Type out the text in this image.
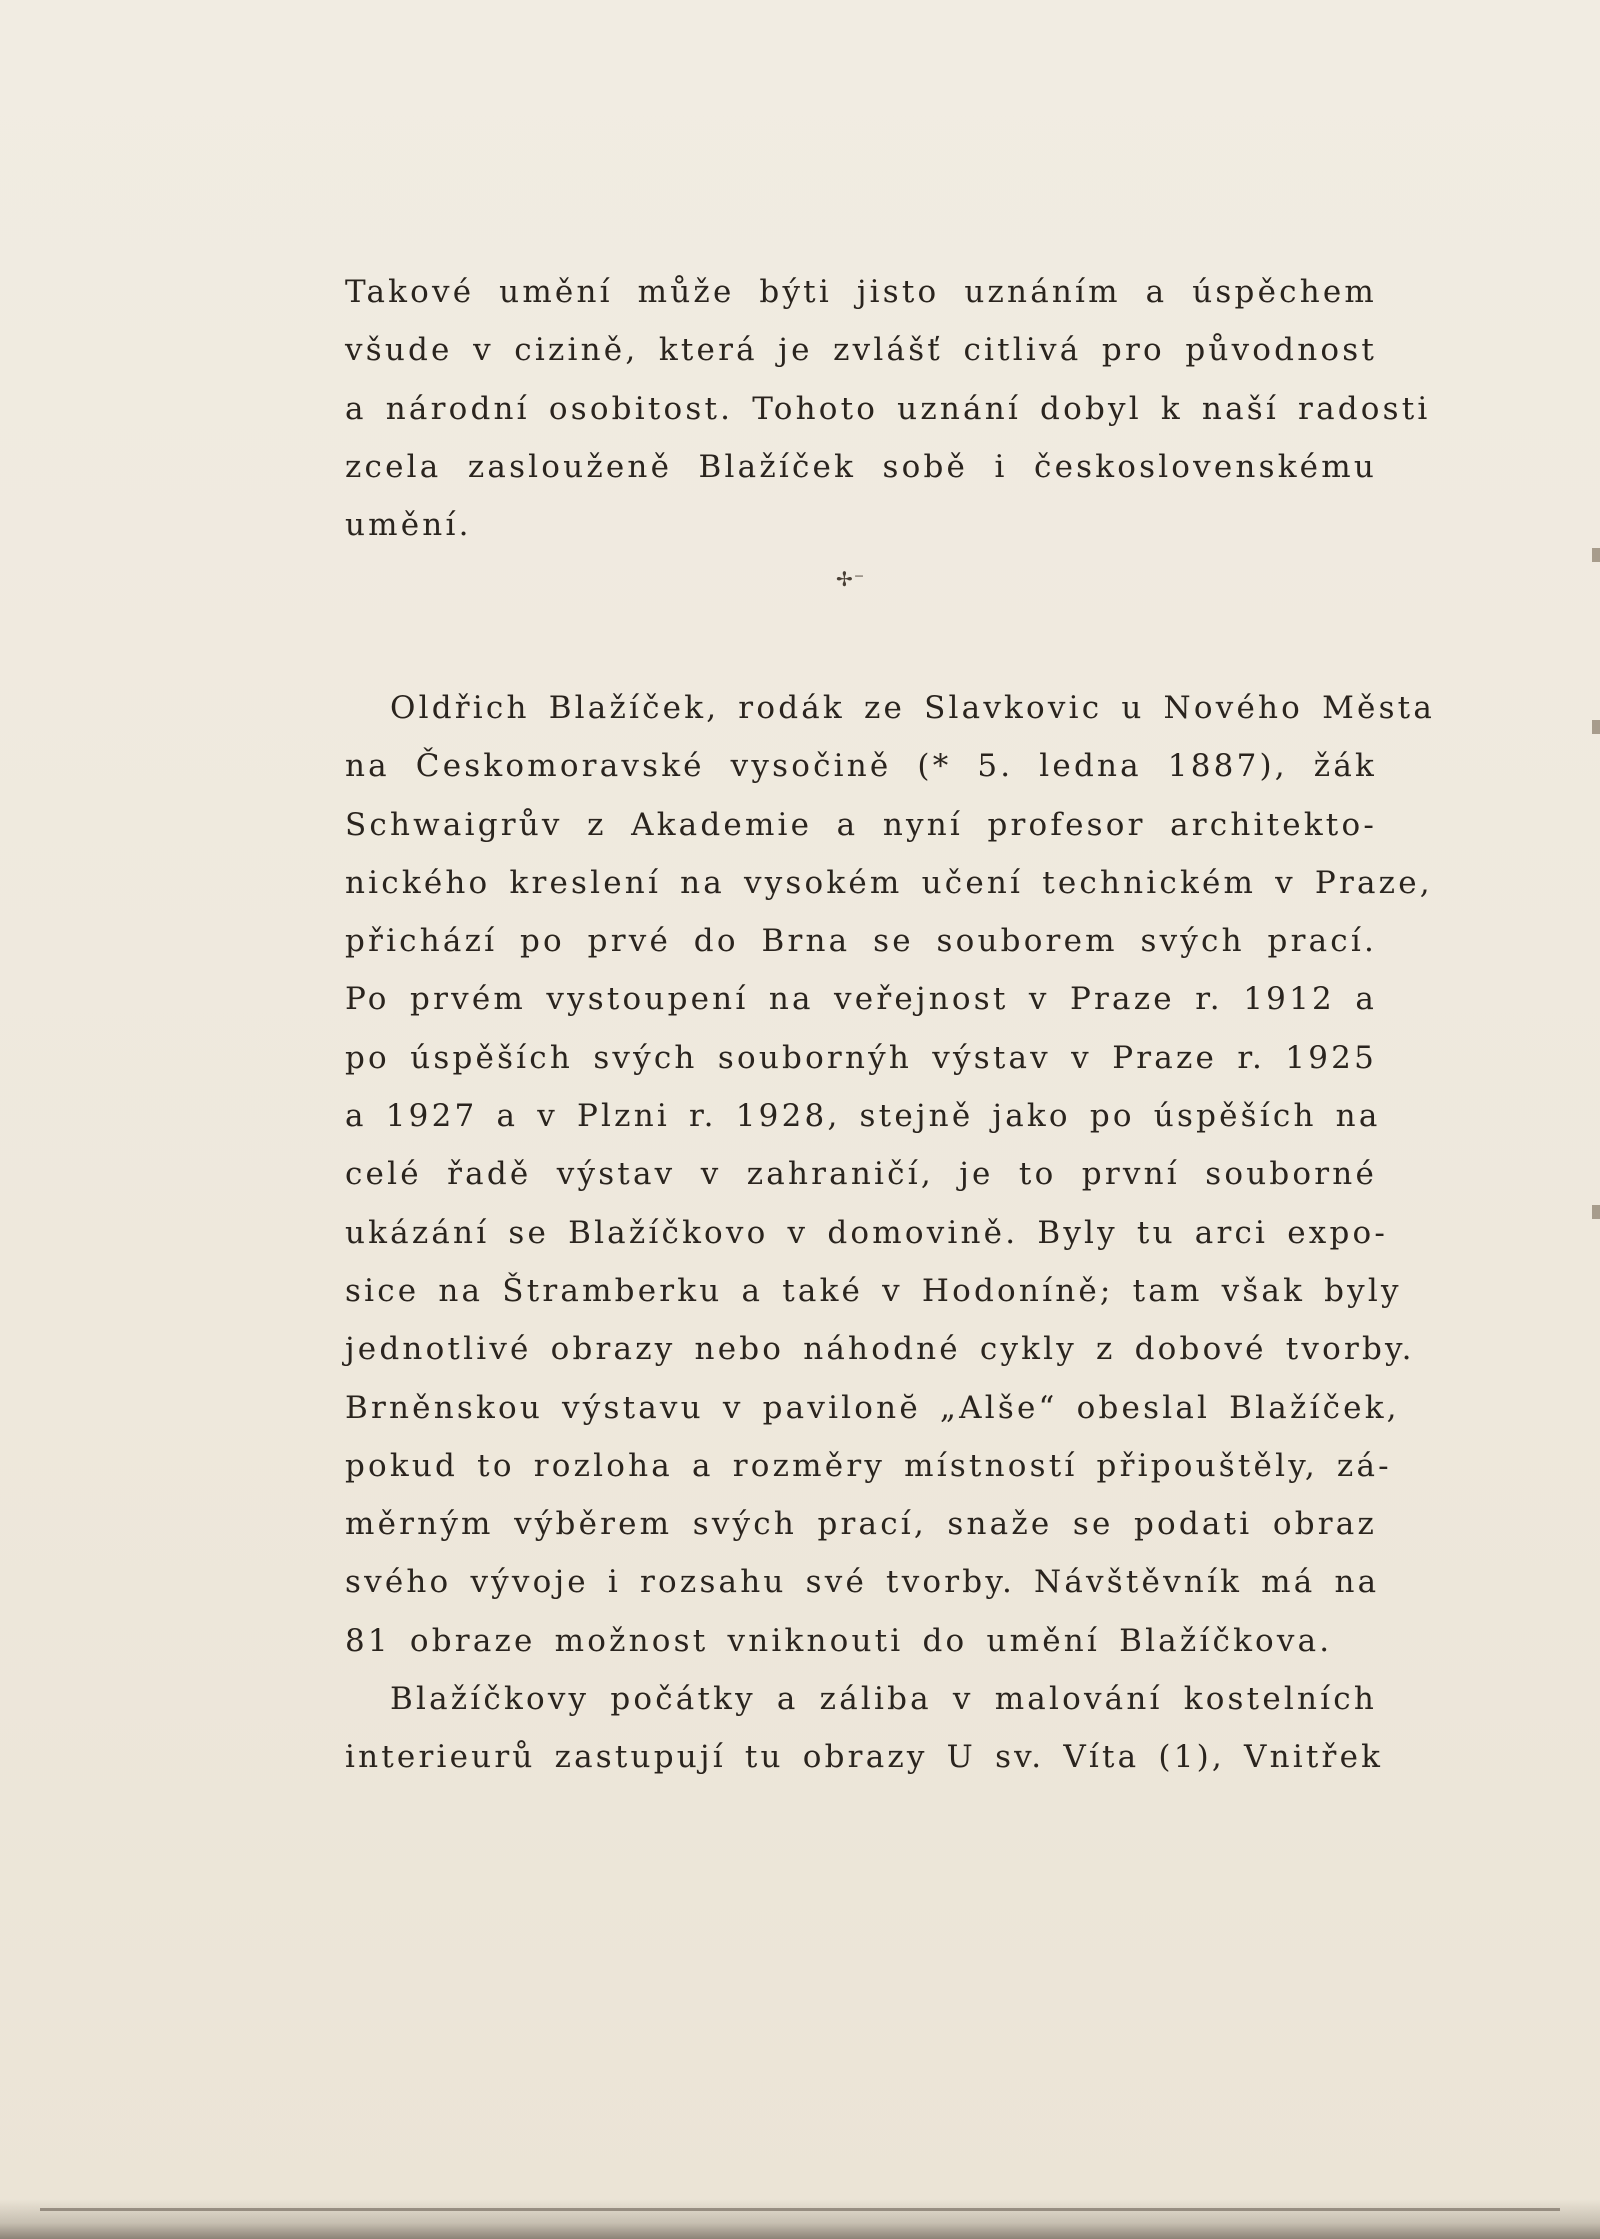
Takové umění může býti jisto uznáním a úspěchem
všude v cizině, která je zvlášť citlivá pro původnost
a národní osobitost. Tohoto uznání dobyl k naší radosti
zcela zaslouženě Blažíček sobě i československému
umění.
✢⁻
Oldřich Blažíček, rodák ze Slavkovic u Nového Města
na Českomoravské vysočině (* 5. ledna 1887), žák
Schwaigrův z Akademie a nyní profesor architekto-
nického kreslení na vysokém učení technickém v Praze,
přichází po prvé do Brna se souborem svých prací.
Po prvém vystoupení na veřejnost v Praze r. 1912 a
po úspěších svých soubornýh výstav v Praze r. 1925
a 1927 a v Plzni r. 1928, stejně jako po úspěších na
celé řadě výstav v zahraničí, je to první souborné
ukázání se Blažíčkovo v domovině. Byly tu arci expo-
sice na Štramberku a také v Hodoníně; tam však byly
jednotlivé obrazy nebo náhodné cykly z dobové tvorby.
Brněnskou výstavu v pavilonĕ „Alše“ obeslal Blažíček,
pokud to rozloha a rozměry místností připouštěly, zá-
měrným výběrem svých prací, snaže se podati obraz
svého vývoje i rozsahu své tvorby. Návštěvník má na
81 obraze možnost vniknouti do umění Blažíčkova.
Blažíčkovy počátky a záliba v malování kostelních
interieurů zastupují tu obrazy U sv. Víta (1), Vnitřek
